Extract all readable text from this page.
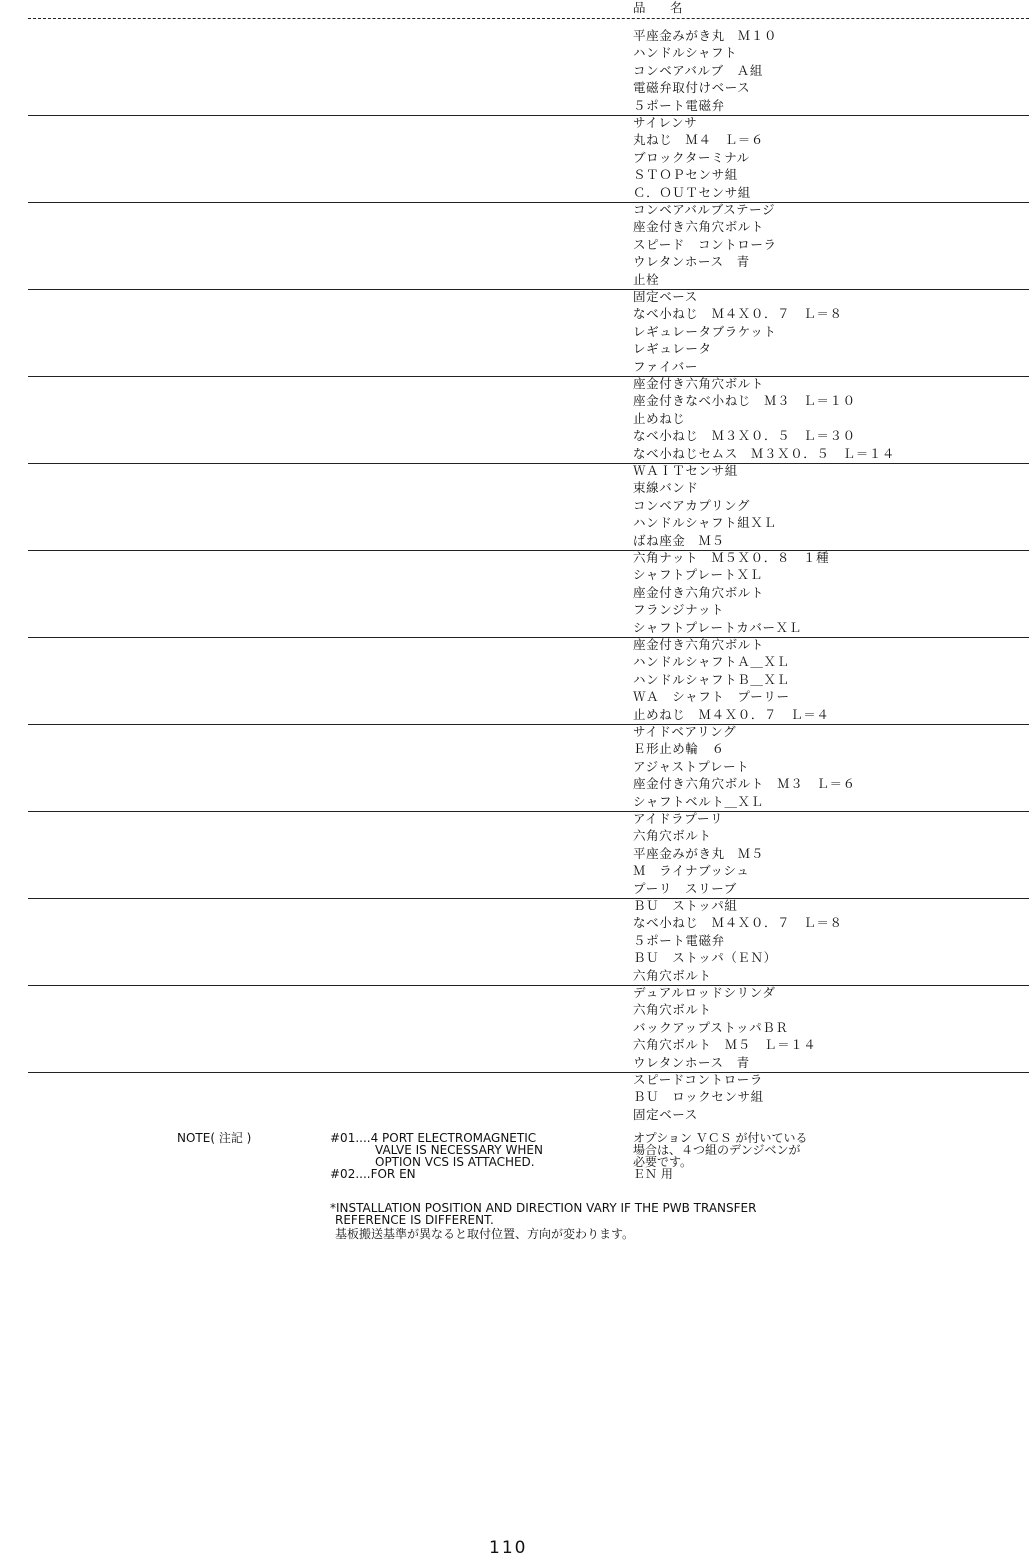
品　名
平座金みがき丸　Ｍ１０
ハンドルシャフト
コンベアバルブ　Ａ組
電磁弁取付けベース
５ポート電磁弁
サイレンサ
丸ねじ　Ｍ４　Ｌ＝６
ブロックターミナル
ＳＴＯＰセンサ組
Ｃ．ＯＵＴセンサ組
コンベアバルブステージ
座金付き六角穴ボルト
スピード　コントローラ
ウレタンホース　青
止栓
固定ベース
なべ小ねじ　Ｍ４Ｘ０．７　Ｌ＝８
レギュレータブラケット
レギュレータ
ファイバー
座金付き六角穴ボルト
座金付きなべ小ねじ　Ｍ３　Ｌ＝１０
止めねじ
なべ小ねじ　Ｍ３Ｘ０．５　Ｌ＝３０
なべ小ねじセムス　Ｍ３Ｘ０．５　Ｌ＝１４
ＷＡＩＴセンサ組
束線バンド
コンベアカプリング
ハンドルシャフト組ＸＬ
ばね座金　Ｍ５
六角ナット　Ｍ５Ｘ０．８　１種
シャフトプレートＸＬ
座金付き六角穴ボルト
フランジナット
シャフトプレートカバーＸＬ
座金付き六角穴ボルト
ハンドルシャフトＡ＿ＸＬ
ハンドルシャフトＢ＿ＸＬ
ＷＡ　シャフト　プーリー
止めねじ　Ｍ４Ｘ０．７　Ｌ＝４
サイドベアリング
Ｅ形止め輪　６
アジャストプレート
座金付き六角穴ボルト　Ｍ３　Ｌ＝６
シャフトベルト＿ＸＬ
アイドラプーリ
六角穴ボルト
平座金みがき丸　Ｍ５
Ｍ　ライナブッシュ
プーリ　スリーブ
ＢＵ　ストッパ組
なべ小ねじ　Ｍ４Ｘ０．７　Ｌ＝８
５ポート電磁弁
ＢＵ　ストッパ（ＥＮ）
六角穴ボルト
デュアルロッドシリンダ
六角穴ボルト
バックアップストッパＢＲ
六角穴ボルト　Ｍ５　Ｌ＝１４
ウレタンホース　青
スピードコントローラ
ＢＵ　ロックセンサ組
固定ベース
NOTE( 注記 )	#01....4 PORT ELECTROMAGNETIC
VALVE IS NECESSARY WHEN
OPTION VCS IS ATTACHED.
#02....FOR EN
オプション ＶＣＳ が付いている
場合は、４つ組のデンジベンが
必要です。
ＥＮ 用
*INSTALLATION POSITION AND DIRECTION VARY IF THE PWB TRANSFER
REFERENCE IS DIFFERENT.
基板搬送基準が異なると取付位置、方向が変わります。
110
